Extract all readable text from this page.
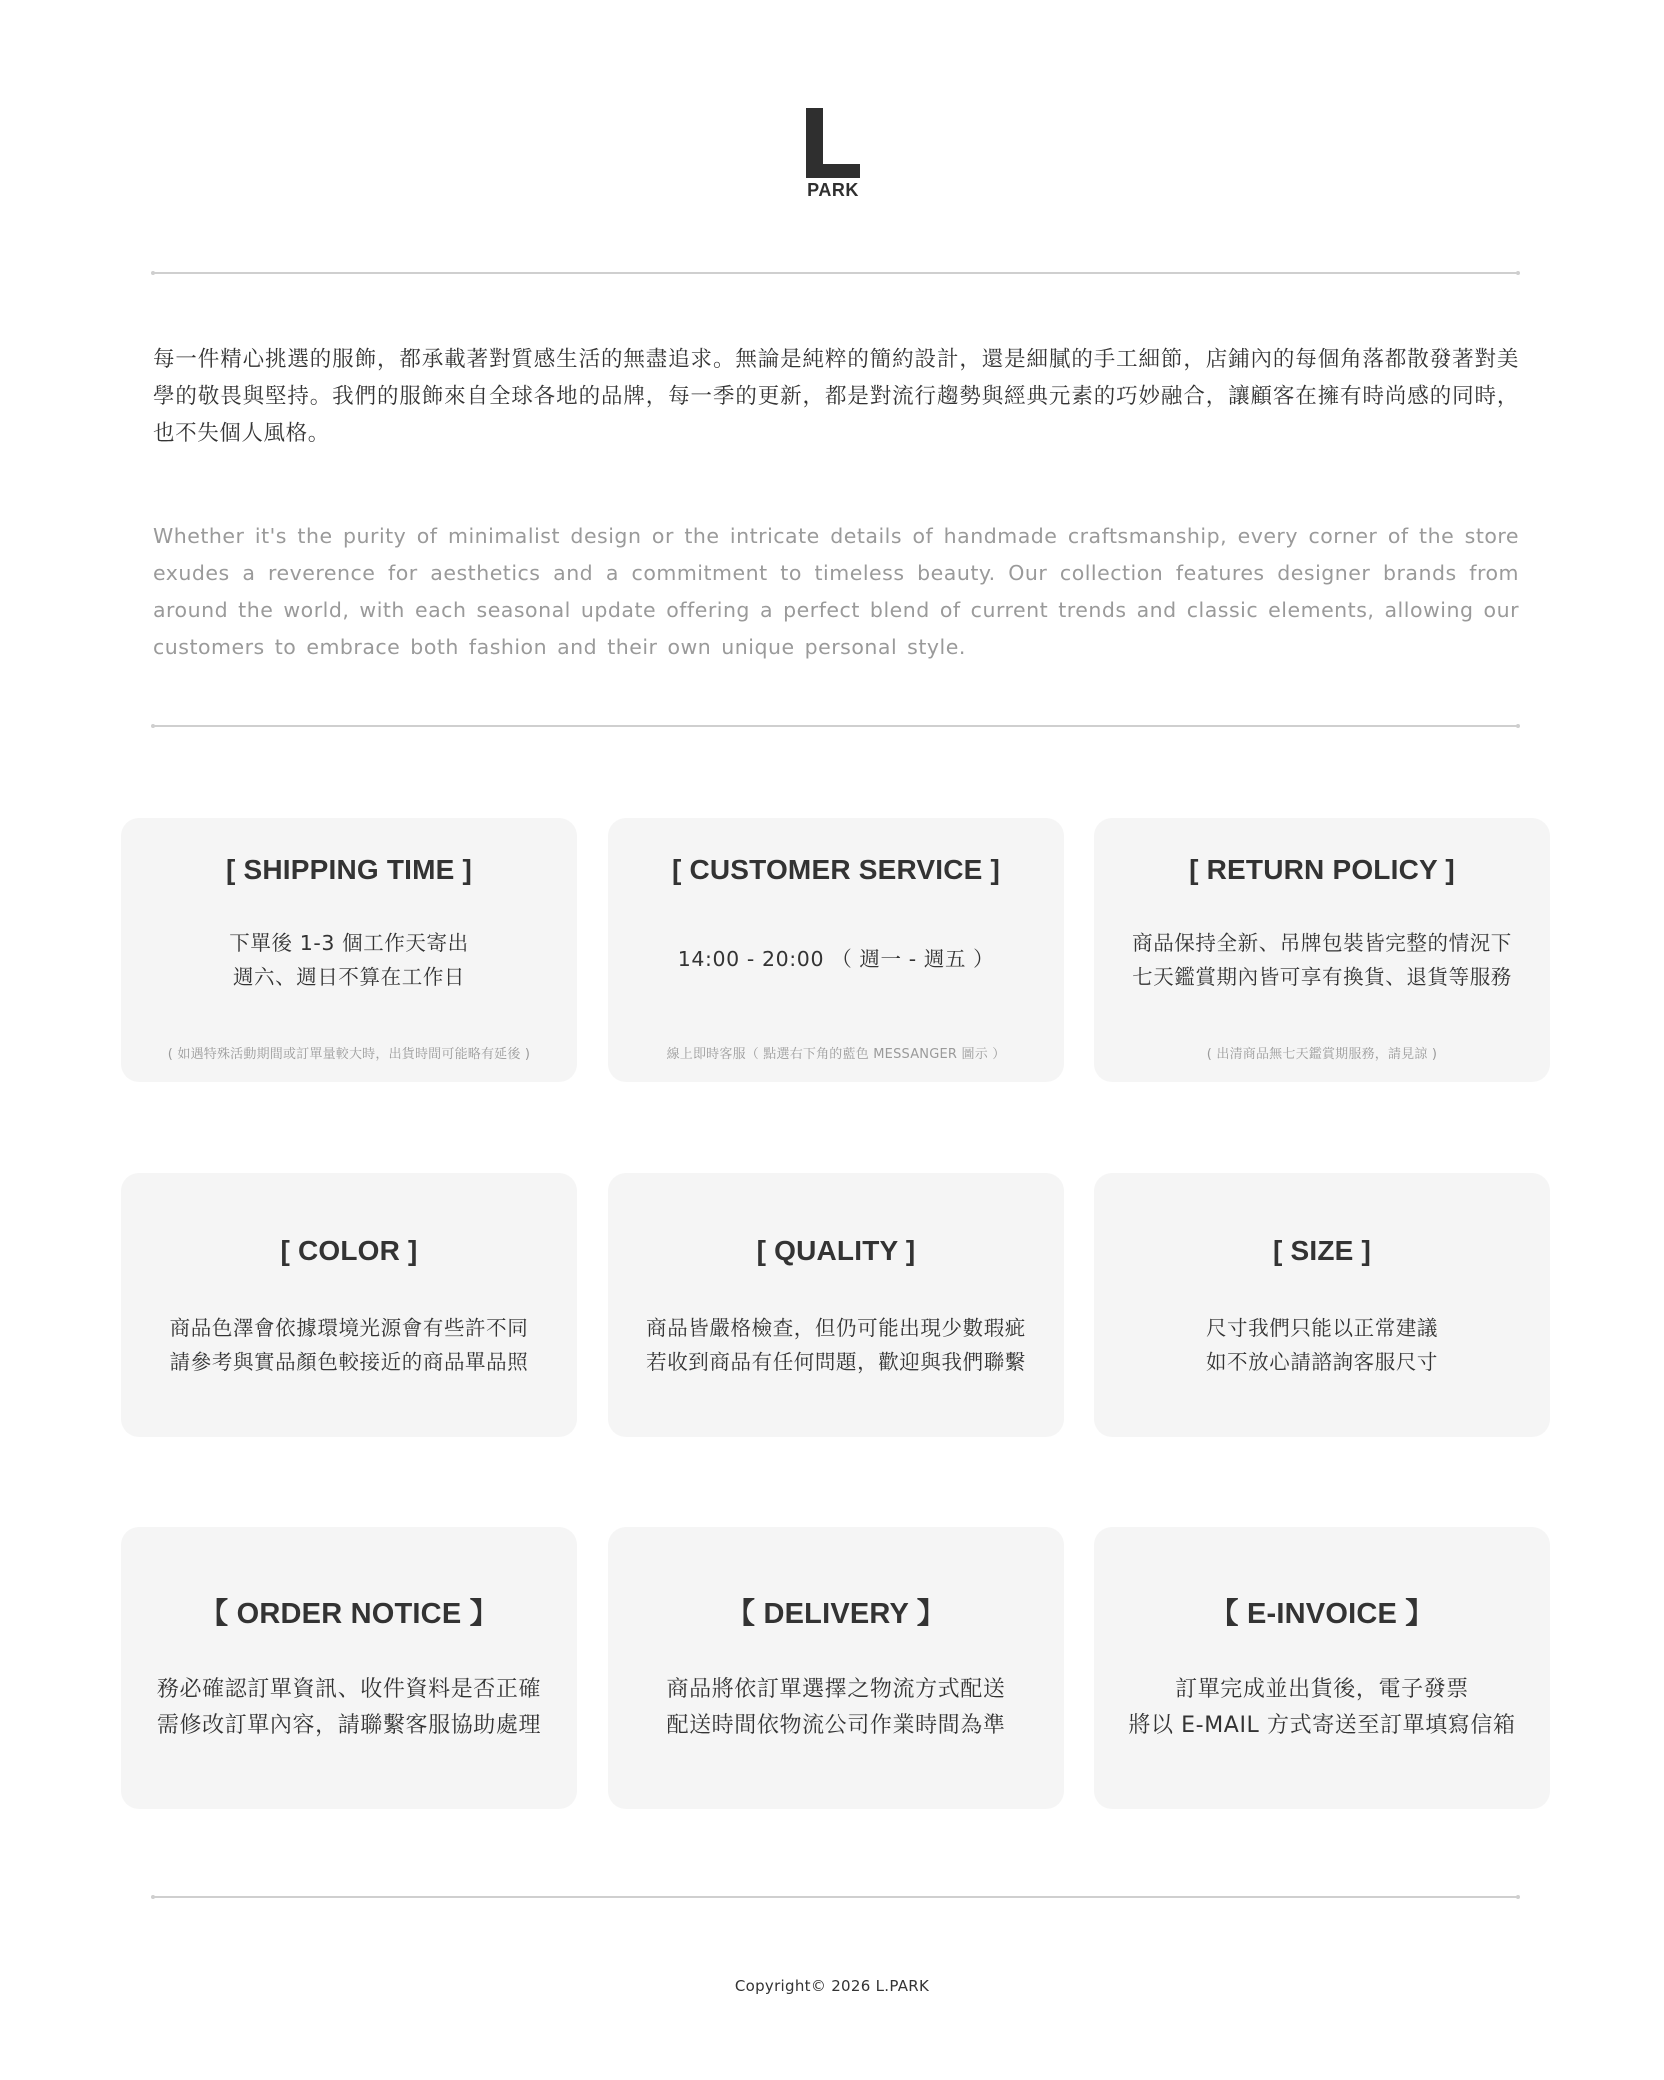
PARK
每一件精心挑選的服飾，都承載著對質感生活的無盡追求。無論是純粹的簡約設計，還是細膩的手工細節，店鋪內的每個角落都散發著對美學的敬畏與堅持。我們的服飾來自全球各地的品牌，每一季的更新，都是對流行趨勢與經典元素的巧妙融合，讓顧客在擁有時尚感的同時，也不失個人風格。
Whether it's the purity of minimalist design or the intricate details of handmade craftsmanship, every corner of the store exudes a reverence for aesthetics and a commitment to timeless beauty. Our collection features designer brands from around the world, with each seasonal update offering a perfect blend of current trends and classic elements, allowing our customers to embrace both fashion and their own unique personal style.
[ SHIPPING TIME ]
下單後 1-3 個工作天寄出
週六、週日不算在工作日
( 如遇特殊活動期間或訂單量較大時，出貨時間可能略有延後 )
[ CUSTOMER SERVICE ]
14:00 - 20:00 （ 週一 - 週五 ）
線上即時客服（ 點選右下角的藍色 MESSANGER 圖示 ）
[ RETURN POLICY ]
商品保持全新、吊牌包裝皆完整的情況下
七天鑑賞期內皆可享有換貨、退貨等服務
( 出清商品無七天鑑賞期服務，請見諒 )
[ COLOR ]
商品色澤會依據環境光源會有些許不同
請參考與實品顏色較接近的商品單品照
[ QUALITY ]
商品皆嚴格檢查，但仍可能出現少數瑕疵
若收到商品有任何問題，歡迎與我們聯繫
[ SIZE ]
尺寸我們只能以正常建議
如不放心請諮詢客服尺寸
【 ORDER NOTICE 】
務必確認訂單資訊、收件資料是否正確
需修改訂單內容，請聯繫客服協助處理
【 DELIVERY 】
商品將依訂單選擇之物流方式配送
配送時間依物流公司作業時間為準
【 E-INVOICE 】
訂單完成並出貨後，電子發票
將以 E-MAIL 方式寄送至訂單填寫信箱
Copyright© 2026 L.PARK
